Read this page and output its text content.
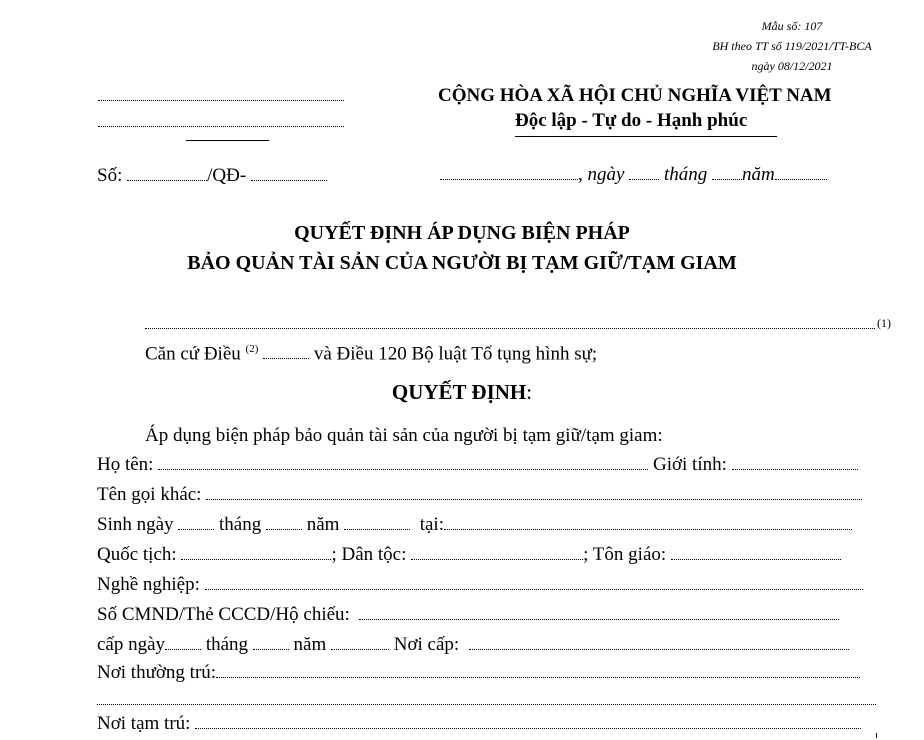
Mẫu số: 107
BH theo TT số 119/2021/TT-BCA
ngày 08/12/2021
CỘNG HÒA XÃ HỘI CHỦ NGHĨA VIỆT NAM
Độc lập - Tự do - Hạnh phúc
Số:	/QĐ-	, ngày tháng năm
QUYẾT ĐỊNH ÁP DỤNG BIỆN PHÁP
BẢO QUẢN TÀI SẢN CỦA NGƯỜI BỊ TẠM GIỮ/TẠM GIAM
(1)
Căn cứ Điều $^{(2)}$	và Điều 120 Bộ luật Tố tụng hình sự;
QUYẾT ĐỊNH:
Áp dụng biện pháp bảo quản tài sản của người bị tạm giữ/tạm giam:
Họ tên:	Giới tính:
Tên gọi khác:
Sinh ngày tháng năm	tại:
Quốc tịch:	; Dân tộc:	; Tôn giáo:
Nghề nghiệp:
Số CMND/Thẻ CCCD/Hộ chiếu:
cấp ngày tháng năm	Nơi cấp:
Nơi thường trú:
Nơi tạm trú:
